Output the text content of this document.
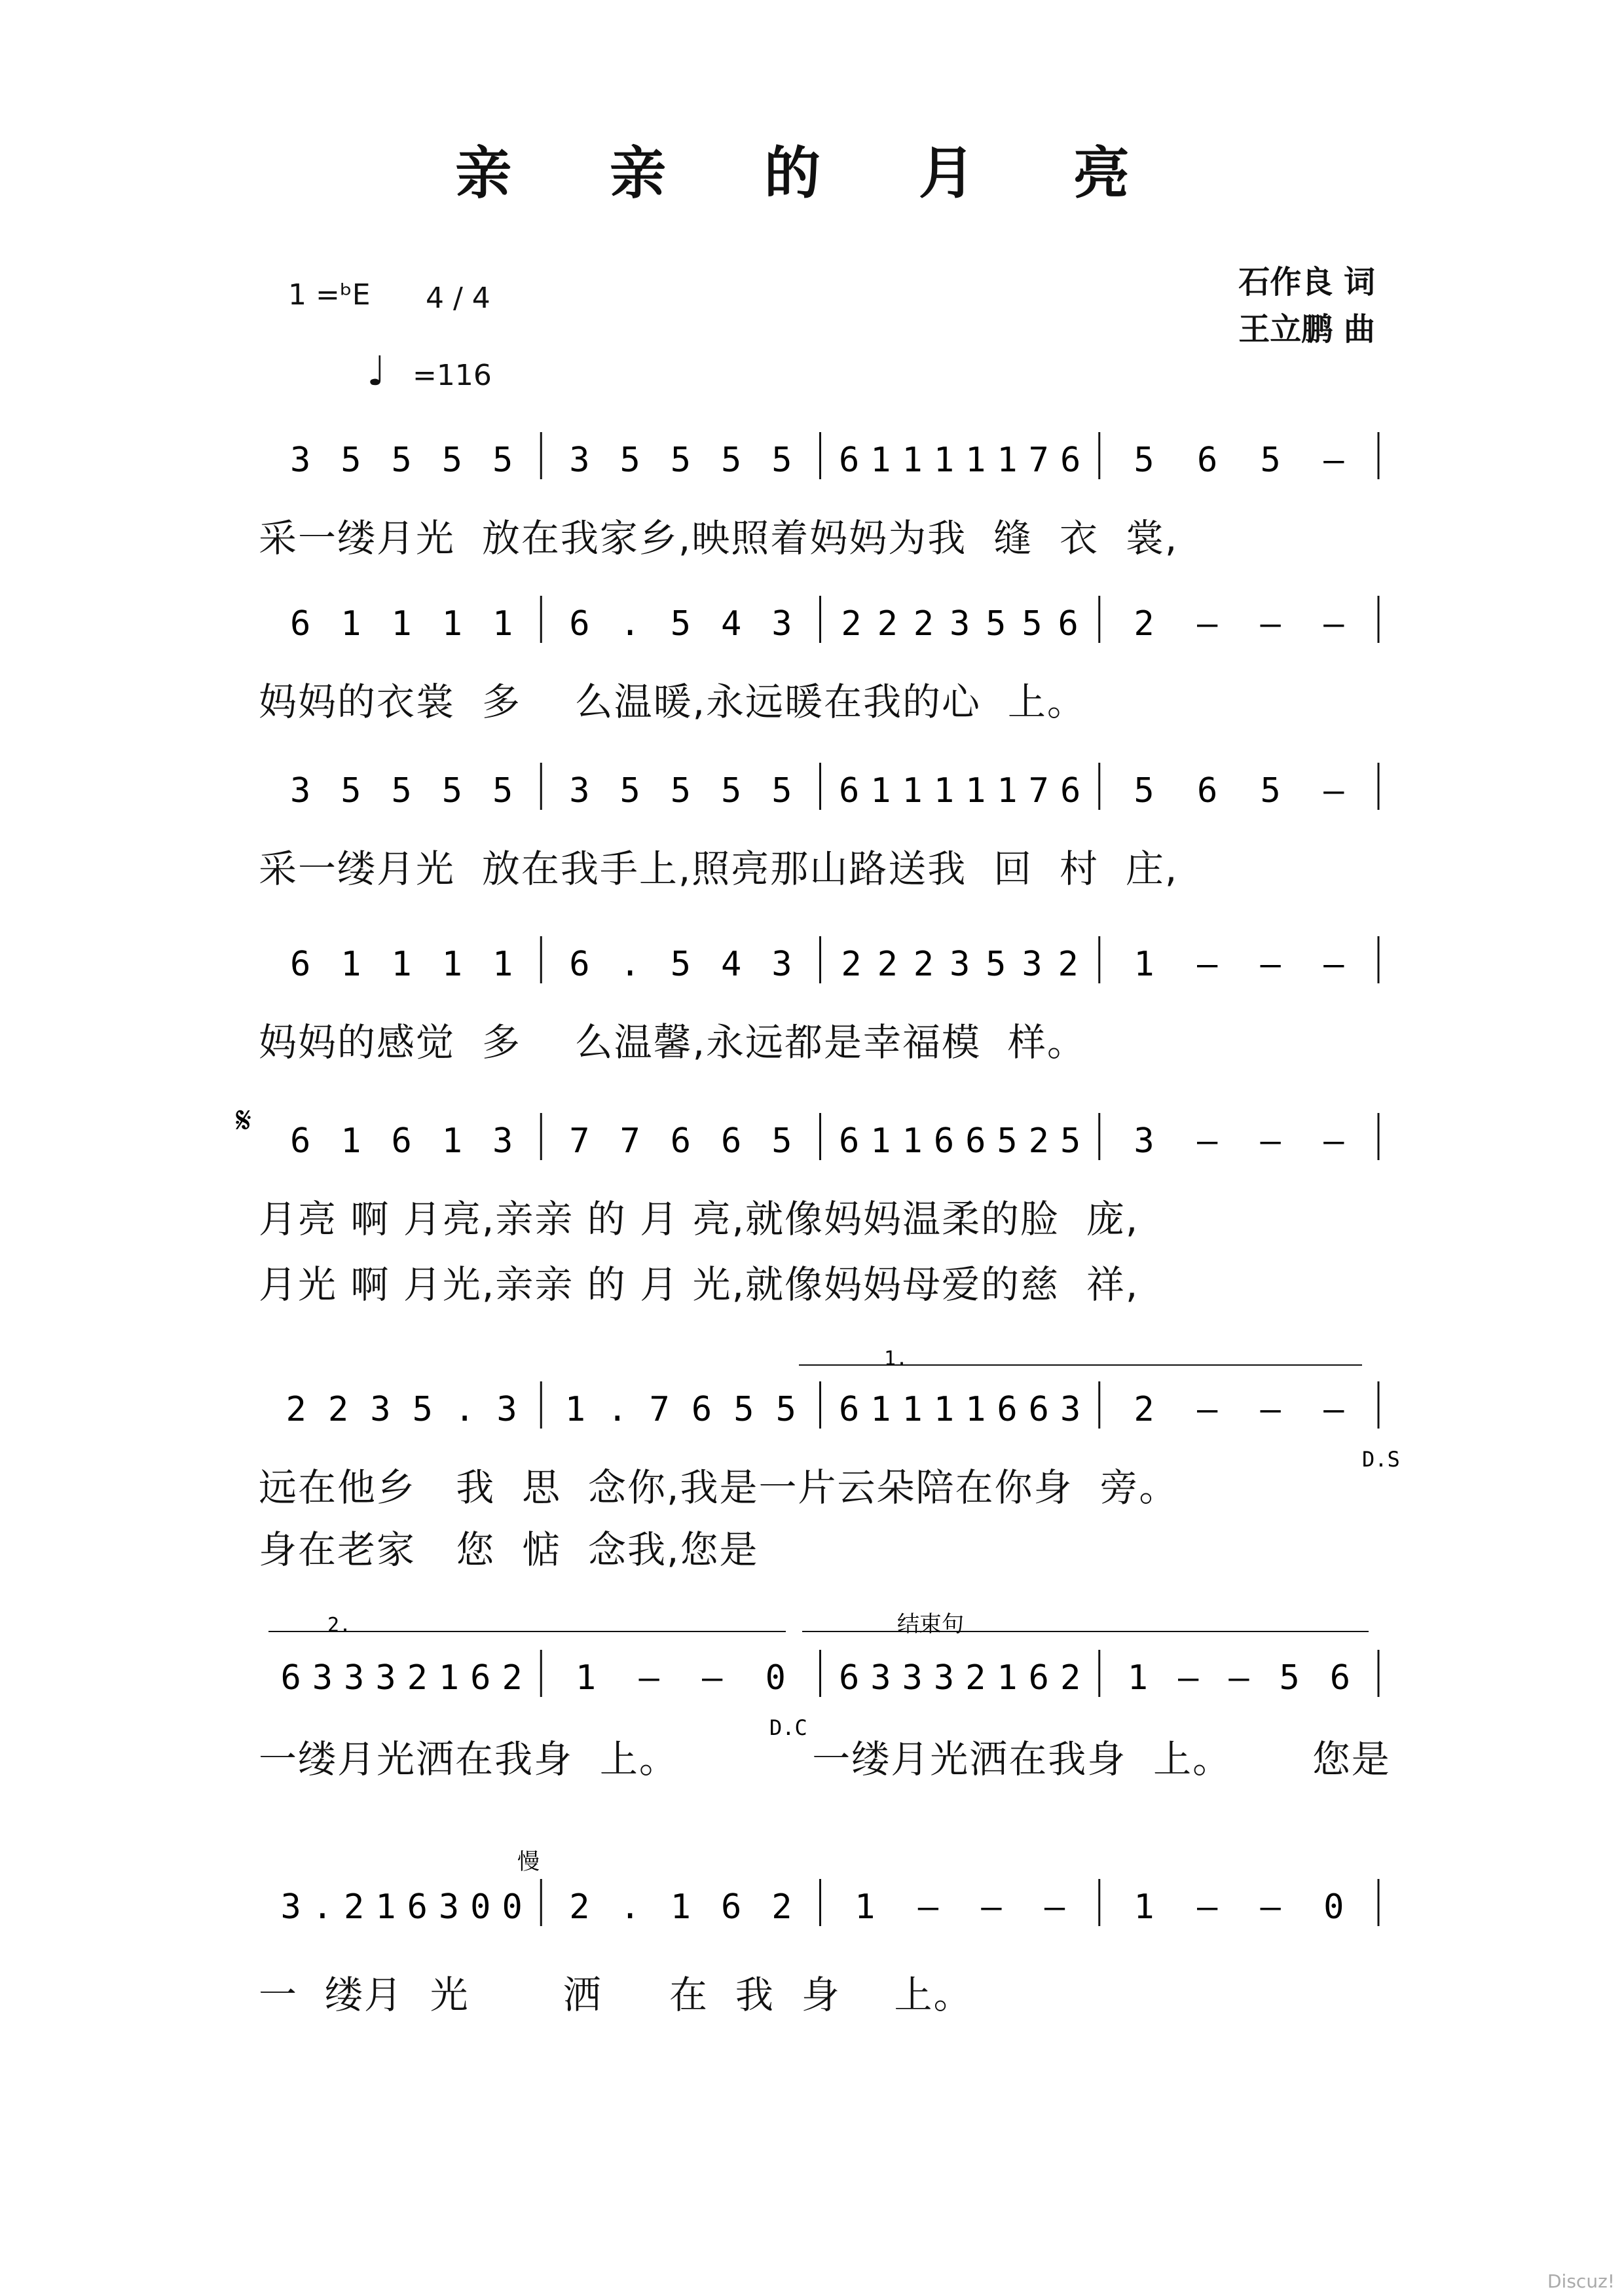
亲 亲 的 月 亮
1 =ᵇE 4 / 4
♩ =116
石作良 词
王立鹏 曲
3 5 5 5 5 3 5 5 5 5 6 1 1 1 1 1 7 6 5 6 5 –
6 1 1 1 1 6 . 5 4 3 2 2 2 3 5 5 6 2 – – –
3 5 5 5 5 3 5 5 5 5 6 1 1 1 1 1 7 6 5 6 5 –
6 1 1 1 1 6 . 5 4 3 2 2 2 3 5 3 2 1 – – –
6 1 6 1 3 7 7 6 6 5 6 1 1 6 6 5 2 5 3 – – –
2 2 3 5 . 3 1 . 7 6 5 5 6 1 1 1 1 6 6 3 2 – – –
6 3 3 3 2 1 6 2 1 – – 0 6 3 3 3 2 1 6 2 1 – – 5 6
3 . 2 1 6 3 0 0 2 . 1 6 2 1 – – – 1 – – 0
𝄋
1.
D.S
2.
D.C
结束句
慢
采一缕月光  放在我家乡,映照着妈妈为我  缝  衣  裳,
妈妈的衣裳  多    么温暖,永远暖在我的心  上。
采一缕月光  放在我手上,照亮那山路送我  回  村  庄,
妈妈的感觉  多    么温馨,永远都是幸福模  样。
月亮 啊 月亮,亲亲 的 月 亮,就像妈妈温柔的脸  庞,
月光 啊 月光,亲亲 的 月 光,就像妈妈母爱的慈  祥,
远在他乡   我  思  念你,我是一片云朵陪在你身  旁。
身在老家   您  惦  念我,您是
一缕月光洒在我身  上。          一缕月光洒在我身  上。      您是
一  缕月  光       洒     在  我  身    上。
Discuz!
